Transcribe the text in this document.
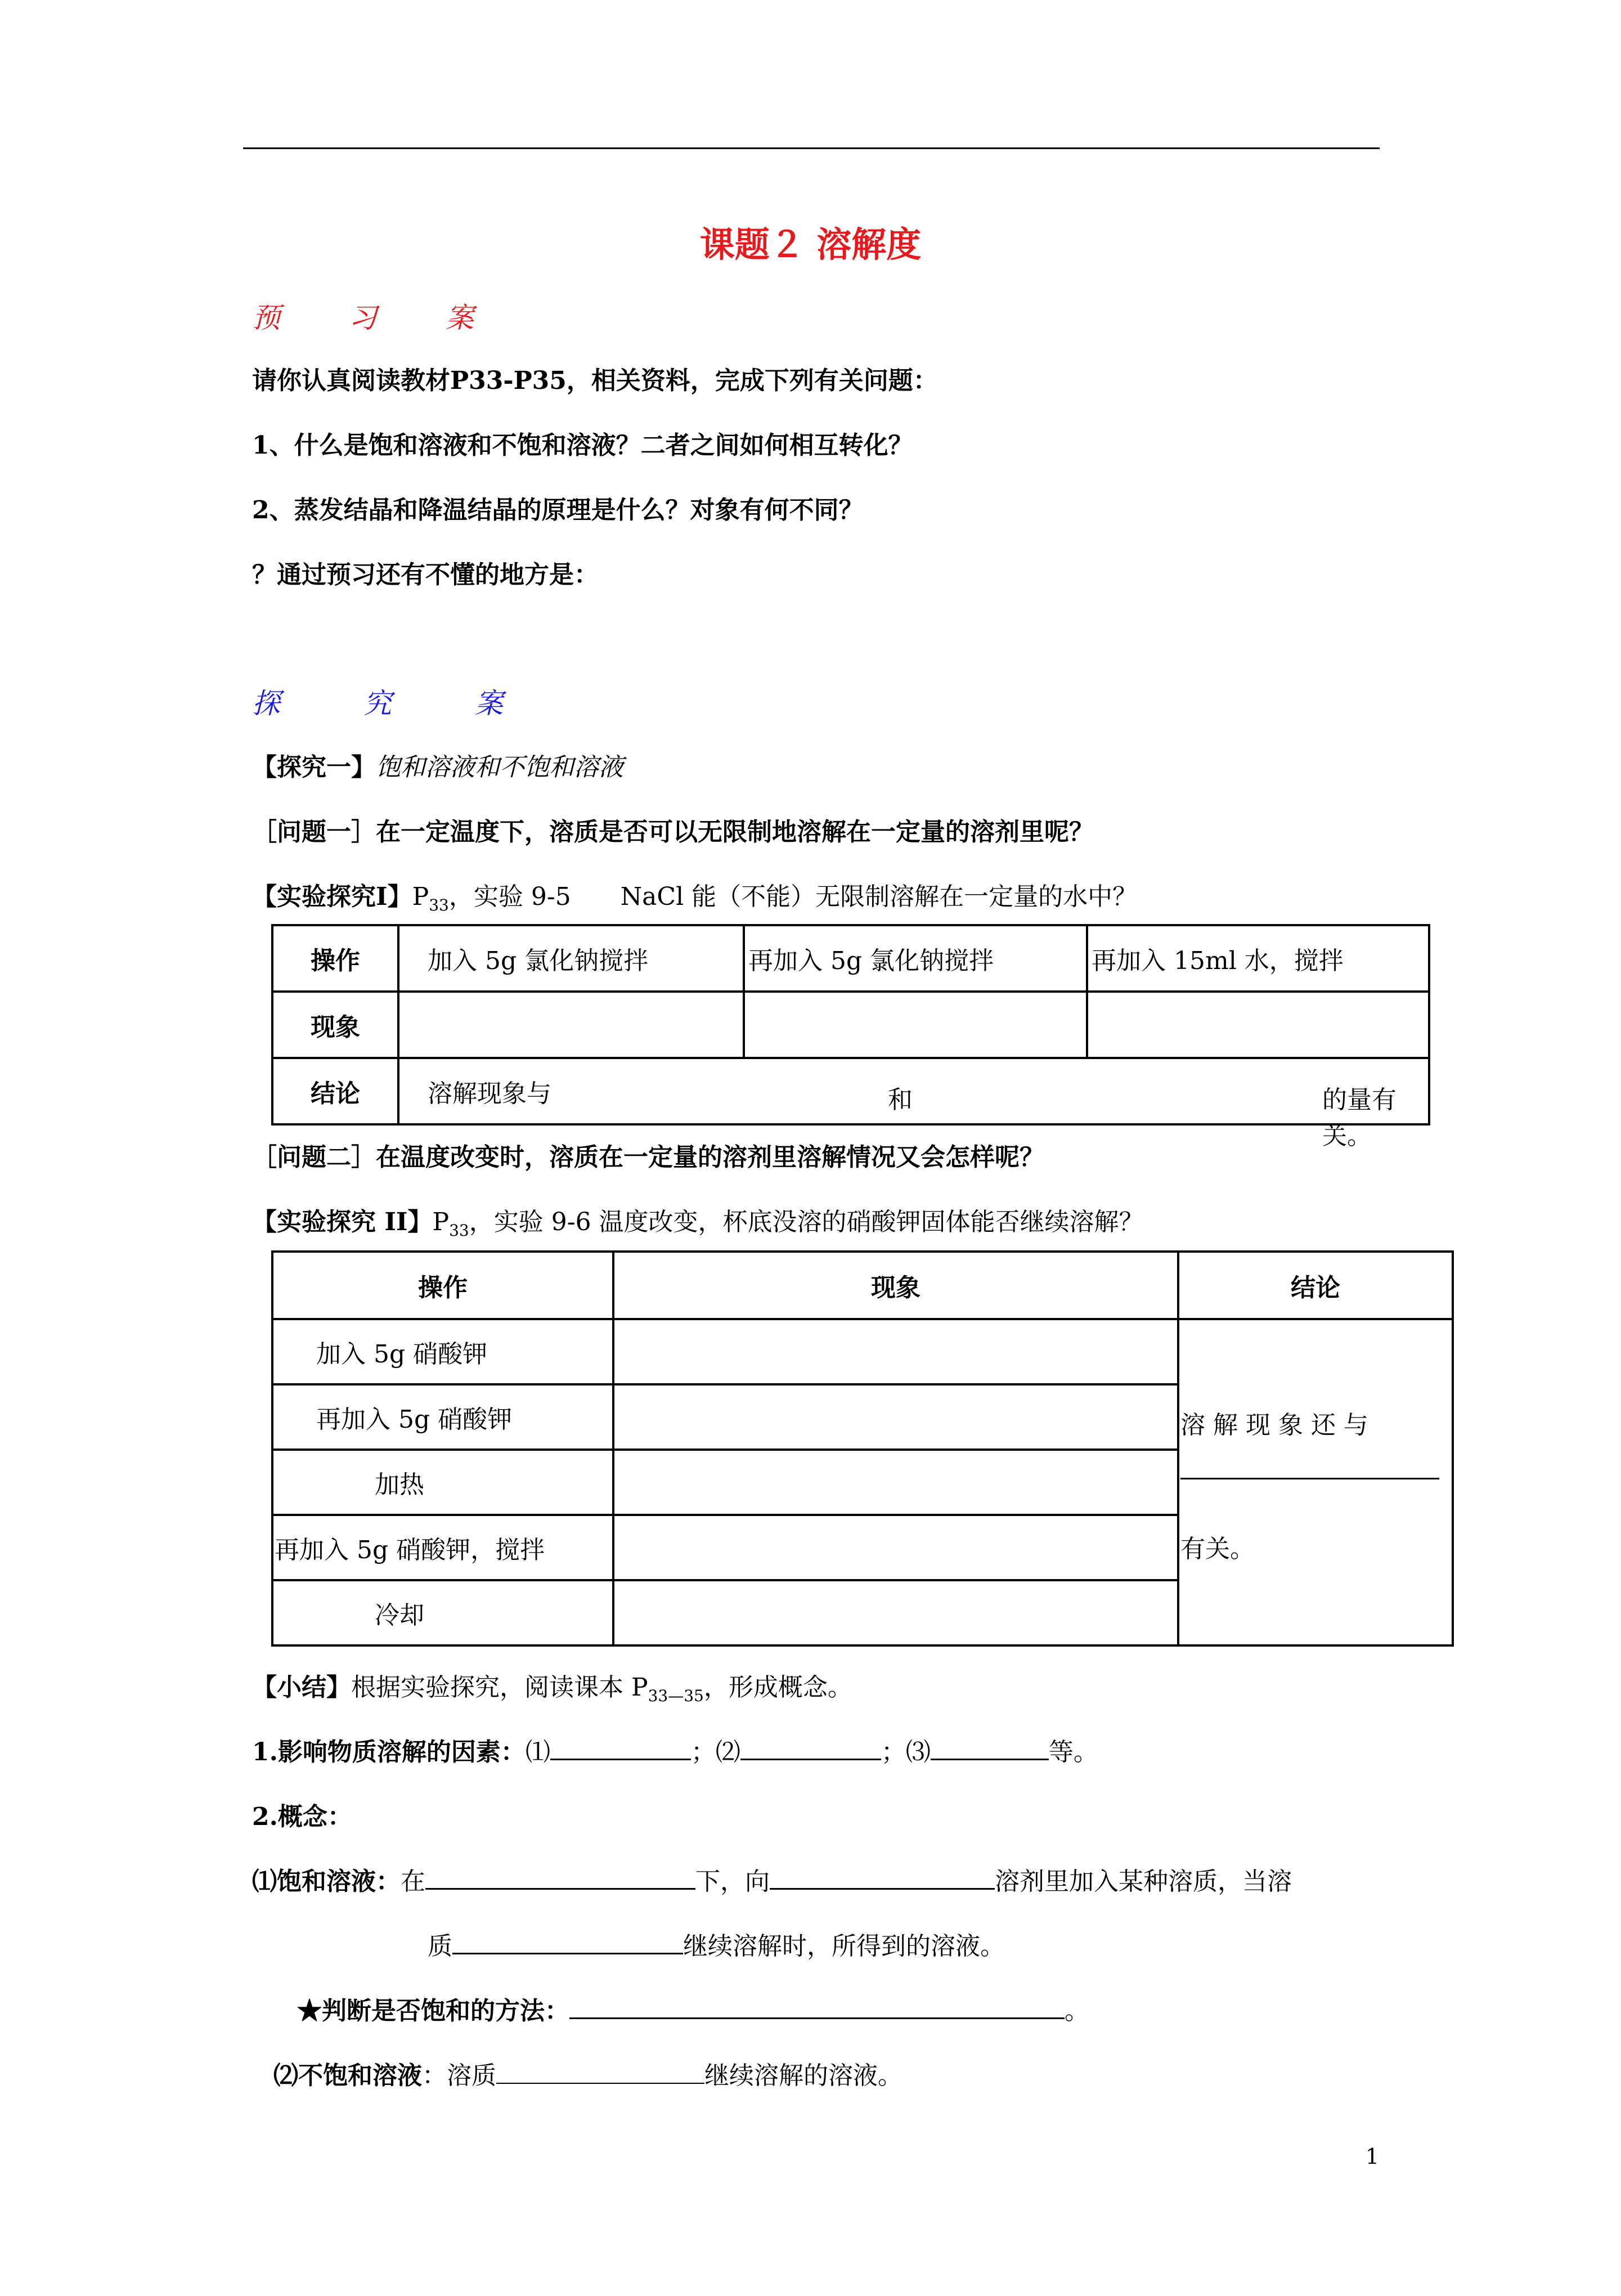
课题２ 溶解度
预习案
请你认真阅读教材P33-P35，相关资料，完成下列有关问题：
1、什么是饱和溶液和不饱和溶液？二者之间如何相互转化？
2、蒸发结晶和降温结晶的原理是什么？对象有何不同？
？通过预习还有不懂的地方是：
探究案
【探究一】饱和溶液和不饱和溶液
［问题一］在一定温度下，溶质是否可以无限制地溶解在一定量的溶剂里呢？
【实验探究Ⅰ】$P_{33}$，实验 9-5　　NaCl 能（不能）无限制溶解在一定量的水中？
操作	加入 5g 氯化钠搅拌	再加入 5g 氯化钠搅拌	再加入 15ml 水，搅拌
现象			
结论	溶解现象与 和 的量有关。		
［问题二］在温度改变时，溶质在一定量的溶剂里溶解情况又会怎样呢？
【实验探究 II】$P_{33}$，实验 9-6 温度改变，杯底没溶的硝酸钾固体能否继续溶解？
操作	现象	结论
加入 5g 硝酸钾		溶 解 现 象 还 与
有关。

再加入 5g 硝酸钾		
加热		
再加入 5g 硝酸钾，搅拌		
冷却		
【小结】根据实验探究，阅读课本 $P_{33—35}$，形成概念。
1.影响物质溶解的因素：⑴	；⑵	；⑶	等。
2.概念：
⑴饱和溶液：在	下，向	溶剂里加入某种溶质，当溶
质	继续溶解时，所得到的溶液。
★判断是否饱和的方法：	。
⑵不饱和溶液：溶质	继续溶解的溶液。
1
